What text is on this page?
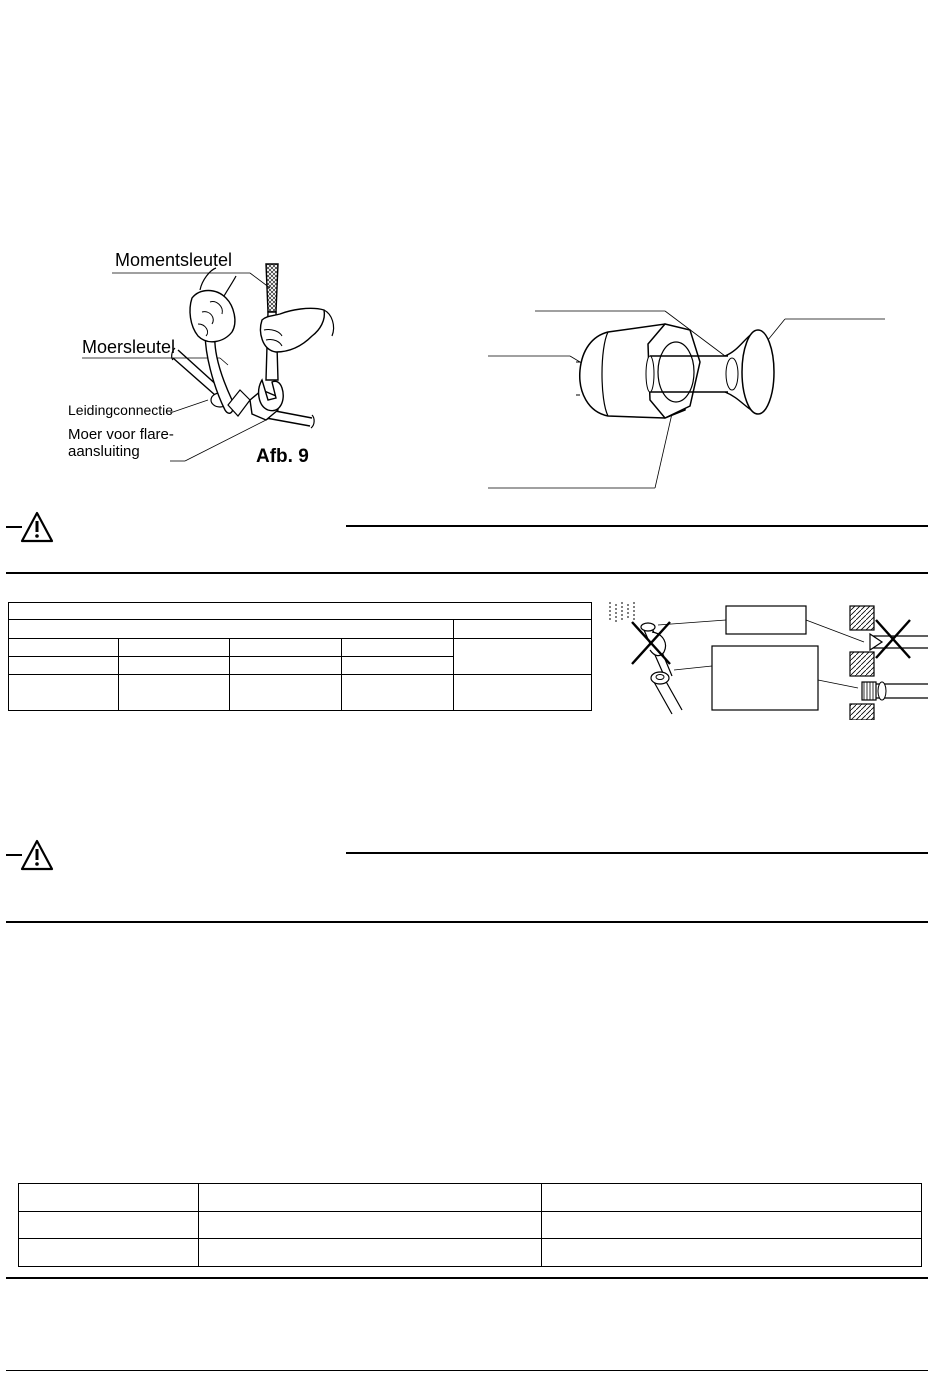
Momentsleutel
Moersleutel
Leidingconnectie
Moer voor flare-
aansluiting	Afb. 9
